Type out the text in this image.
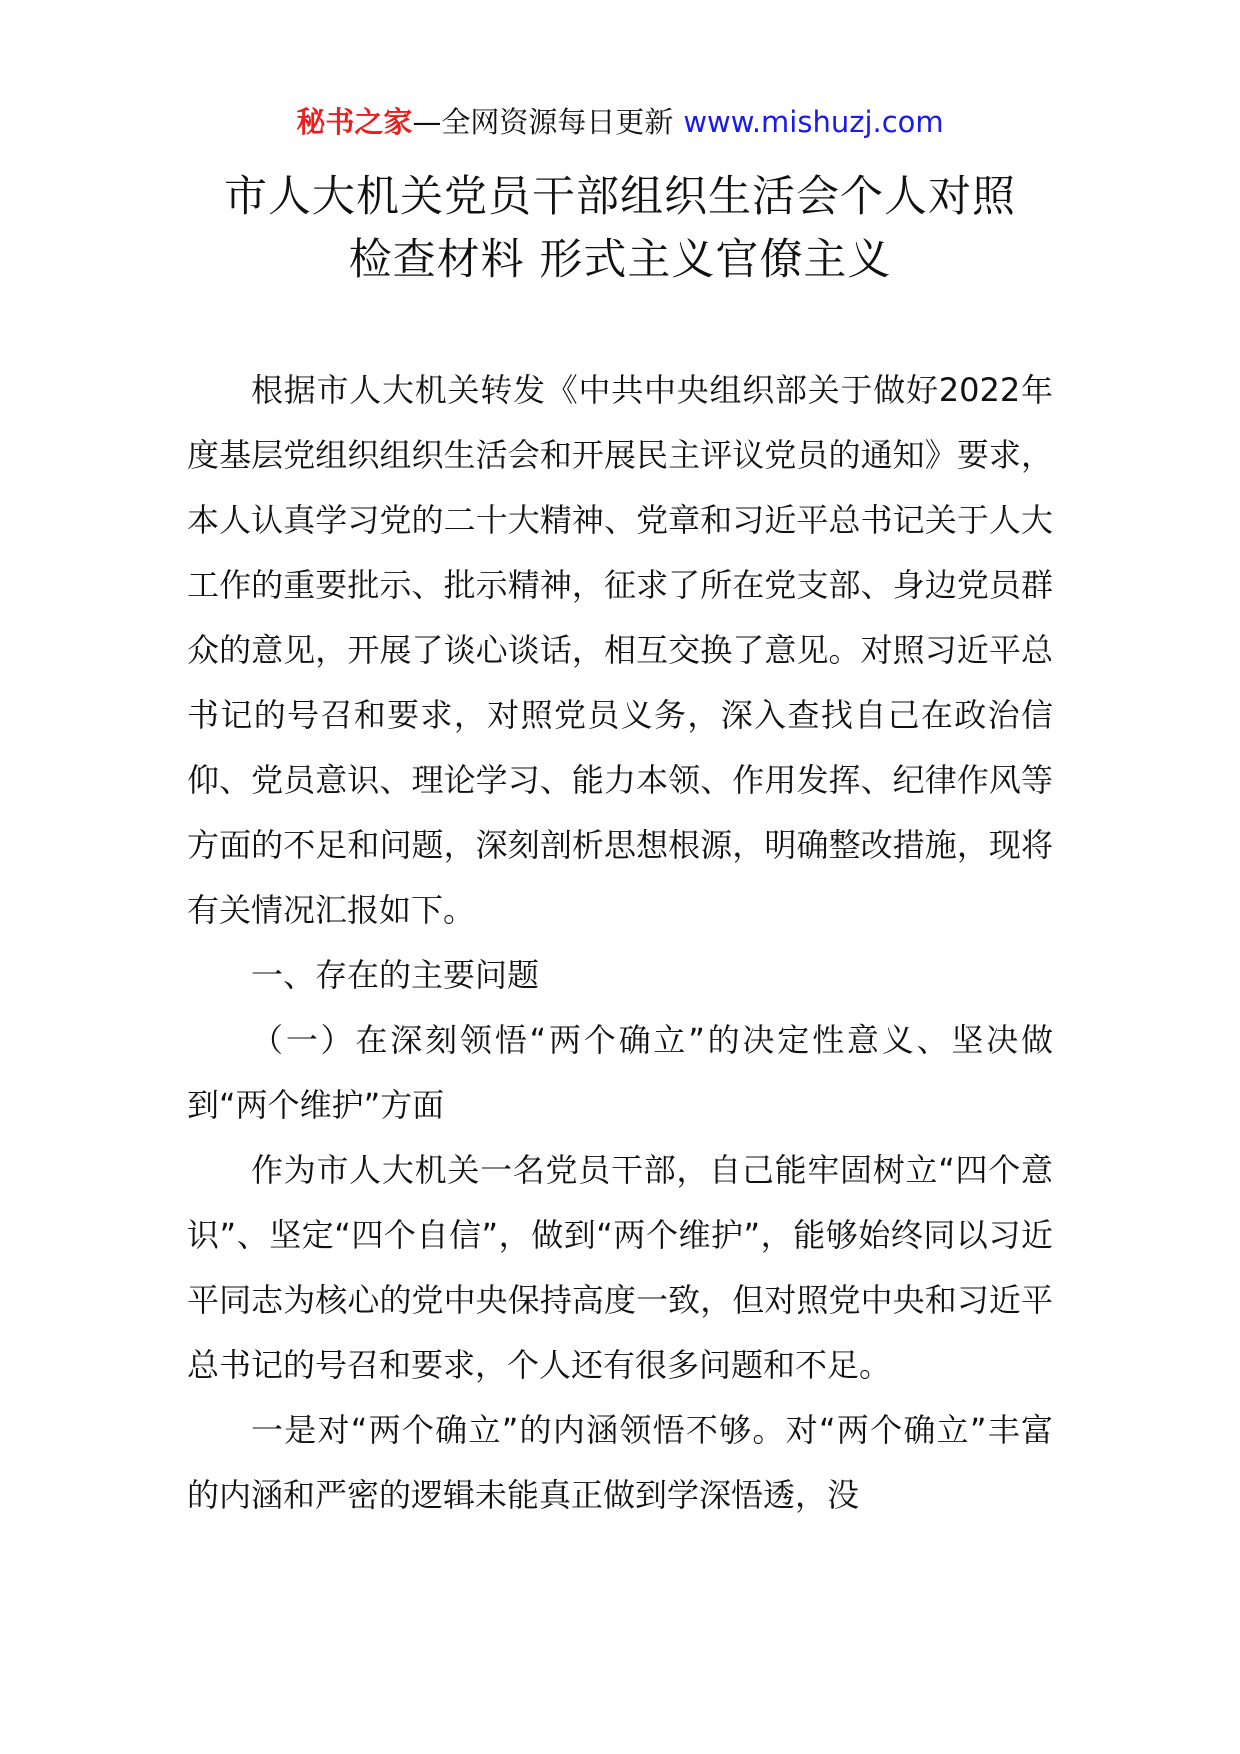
秘书之家—全网资源每日更新 www.mishuzj.com
市人大机关党员干部组织生活会个人对照
检查材料 形式主义官僚主义

根据市人大机关转发《中共中央组织部关于做好2022年度基层党组织组织生活会和开展民主评议党员的通知》要求，本人认真学习党的二十大精神、党章和习近平总书记关于人大工作的重要批示、批示精神，征求了所在党支部、身边党员群众的意见，开展了谈心谈话，相互交换了意见。对照习近平总书记的号召和要求，对照党员义务，深入查找自己在政治信仰、党员意识、理论学习、能力本领、作用发挥、纪律作风等方面的不足和问题，深刻剖析思想根源，明确整改措施，现将有关情况汇报如下。

一、存在的主要问题

（一）在深刻领悟“两个确立”的决定性意义、坚决做到“两个维护”方面

作为市人大机关一名党员干部，自己能牢固树立“四个意识”、坚定“四个自信”，做到“两个维护”，能够始终同以习近平同志为核心的党中央保持高度一致，但对照党中央和习近平总书记的号召和要求，个人还有很多问题和不足。

一是对“两个确立”的内涵领悟不够。对“两个确立”丰富的内涵和严密的逻辑未能真正做到学深悟透，没
